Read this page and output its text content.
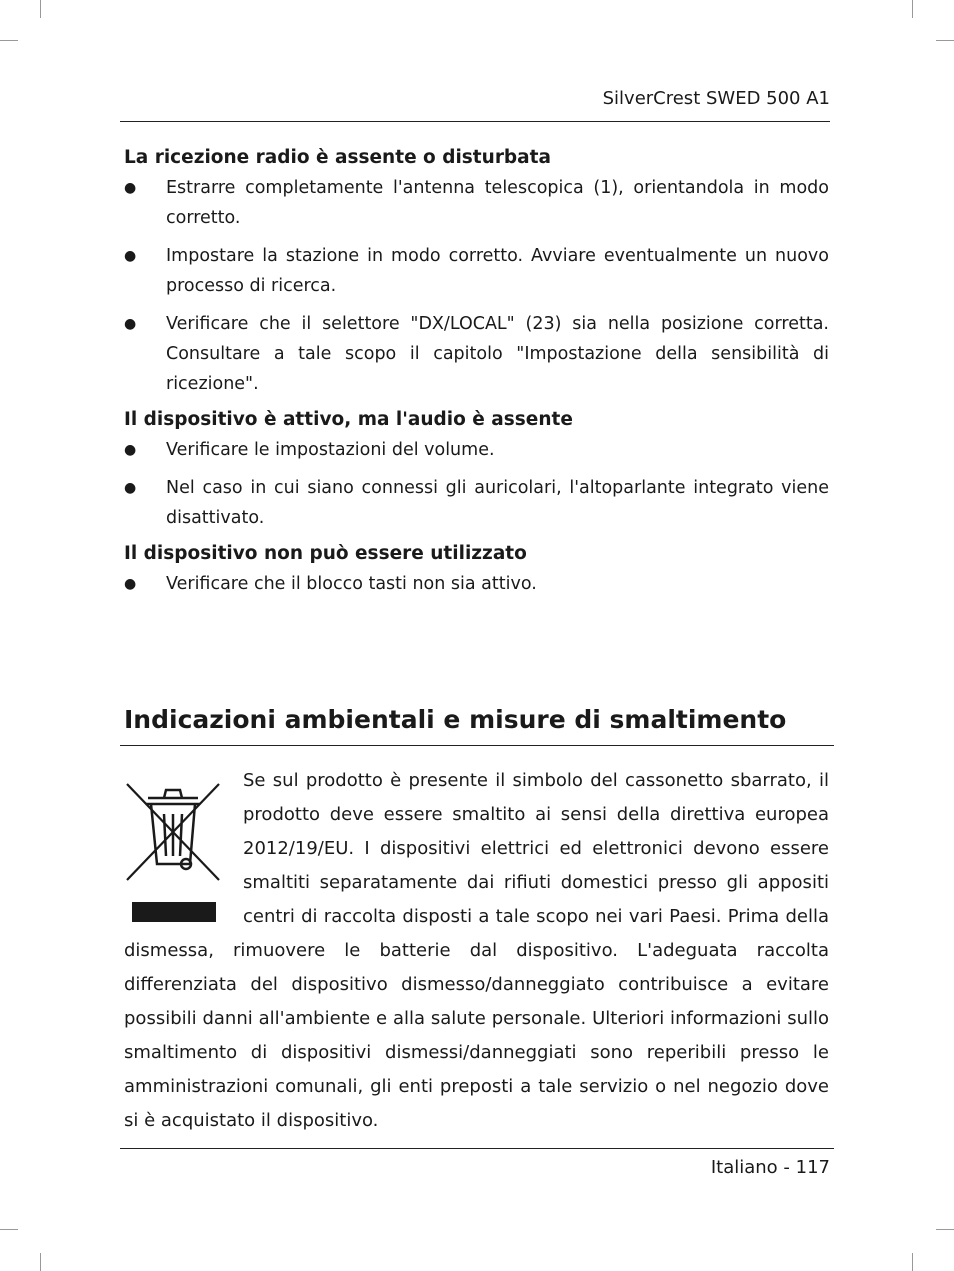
SilverCrest SWED 500 A1
La ricezione radio è assente o disturbata
● Estrarre completamente l'antenna telescopica (1), orientandola in modo corretto.
● Impostare la stazione in modo corretto. Avviare eventualmente un nuovo processo di ricerca.
● Verificare che il selettore "DX/LOCAL" (23) sia nella posizione corretta. Consultare a tale scopo il capitolo "Impostazione della sensibilità di ricezione".
Il dispositivo è attivo, ma l'audio è assente
● Verificare le impostazioni del volume.
● Nel caso in cui siano connessi gli auricolari, l'altoparlante integrato viene disattivato.
Il dispositivo non può essere utilizzato
● Verificare che il blocco tasti non sia attivo.
Indicazioni ambientali e misure di smaltimento

Se sul prodotto è presente il simbolo del cassonetto sbarrato, il prodotto deve essere smaltito ai sensi della direttiva europea 2012/19/EU. I dispositivi elettrici ed elettronici devono essere smaltiti separatamente dai rifiuti domestici presso gli appositi centri di raccolta disposti a tale scopo nei vari Paesi. Prima della dismessa, rimuovere le batterie dal dispositivo. L'adeguata raccolta differenziata del dispositivo dismesso/danneggiato contribuisce a evitare possibili danni all'ambiente e alla salute personale. Ulteriori informazioni sullo smaltimento di dispositivi dismessi/danneggiati sono reperibili presso le amministrazioni comunali, gli enti preposti a tale servizio o nel negozio dove si è acquistato il dispositivo.

Italiano - 117
